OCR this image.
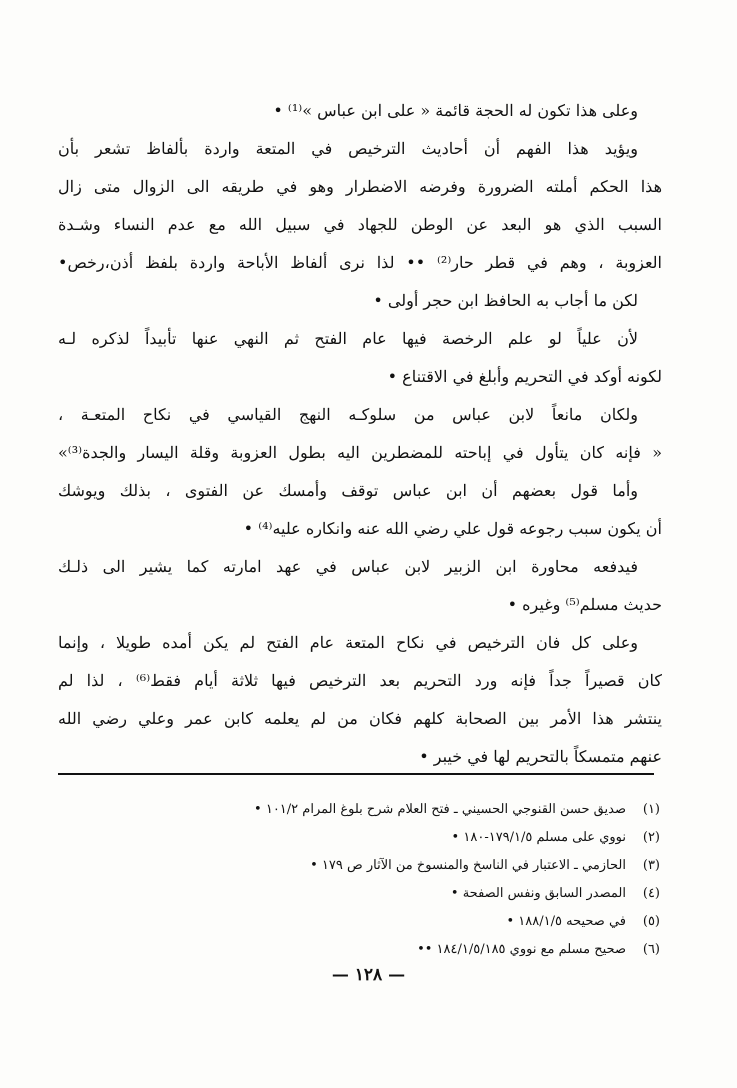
وعلى هذا تكون له الحجة قائمة « على ابن عباس »⁽¹⁾ •
ويؤيد هذا الفهم أن أحاديث الترخيص في المتعة واردة بألفاظ تشعر بأن
هذا الحكم أملته الضرورة وفرضه الاضطرار وهو في طريقه الى الزوال متى زال
السبب الذي هو البعد عن الوطن للجهاد في سبيل الله مع عدم النساء وشـدة
العزوبة ، وهم في قطر حار⁽²⁾ •• لذا نرى ألفاظ الأباحة واردة بلفظ أذن،رخص•
لكن ما أجاب به الحافظ ابن حجر أولى •
لأن علياً لو علم الرخصة فيها عام الفتح ثم النهي عنها تأبيداً لذكره لـه
لكونه أوكد في التحريم وأبلغ في الاقتناع •
ولكان مانعاً لابن عباس من سلوكـه النهج القياسي في نكاح المتعـة ،
« فإنه كان يتأول في إباحته للمضطرين اليه بطول العزوبة وقلة اليسار والجدة⁽³⁾»
وأما قول بعضهم أن ابن عباس توقف وأمسك عن الفتوى ، بذلك ويوشك
أن يكون سبب رجوعه قول علي رضي الله عنه وانكاره عليه⁽⁴⁾ •
فيدفعه محاورة ابن الزبير لابن عباس في عهد امارته كما يشير الى ذلـك
حديث مسلم⁽⁵⁾ وغيره •
وعلى كل فان الترخيص في نكاح المتعة عام الفتح لم يكن أمده طويلا ، وإنما
كان قصيراً جداً فإنه ورد التحريم بعد الترخيص فيها ثلاثة أيام فقط⁽⁶⁾ ، لذا لم
ينتشر هذا الأمر بين الصحابة كلهم فكان من لم يعلمه كابن عمر وعلي رضي الله
عنهم متمسكاً بالتحريم لها في خيبر •
(١)
صديق حسن القنوجي الحسيني ـ فتح العلام شرح بلوغ المرام ١٠١/٢ •
(٢)
نووي على مسلم ١٧٩/١/٥-١٨٠ •
(٣)
الحازمي ـ الاعتبار في الناسخ والمنسوخ من الآثار ص ١٧٩ •
(٤)
المصدر السابق ونفس الصفحة •
(٥)
في صحيحه ١٨٨/١/٥ •
(٦)
صحيح مسلم مع نووي ١٨٤/١/٥/١٨٥ ••
— ١٢٨ —
